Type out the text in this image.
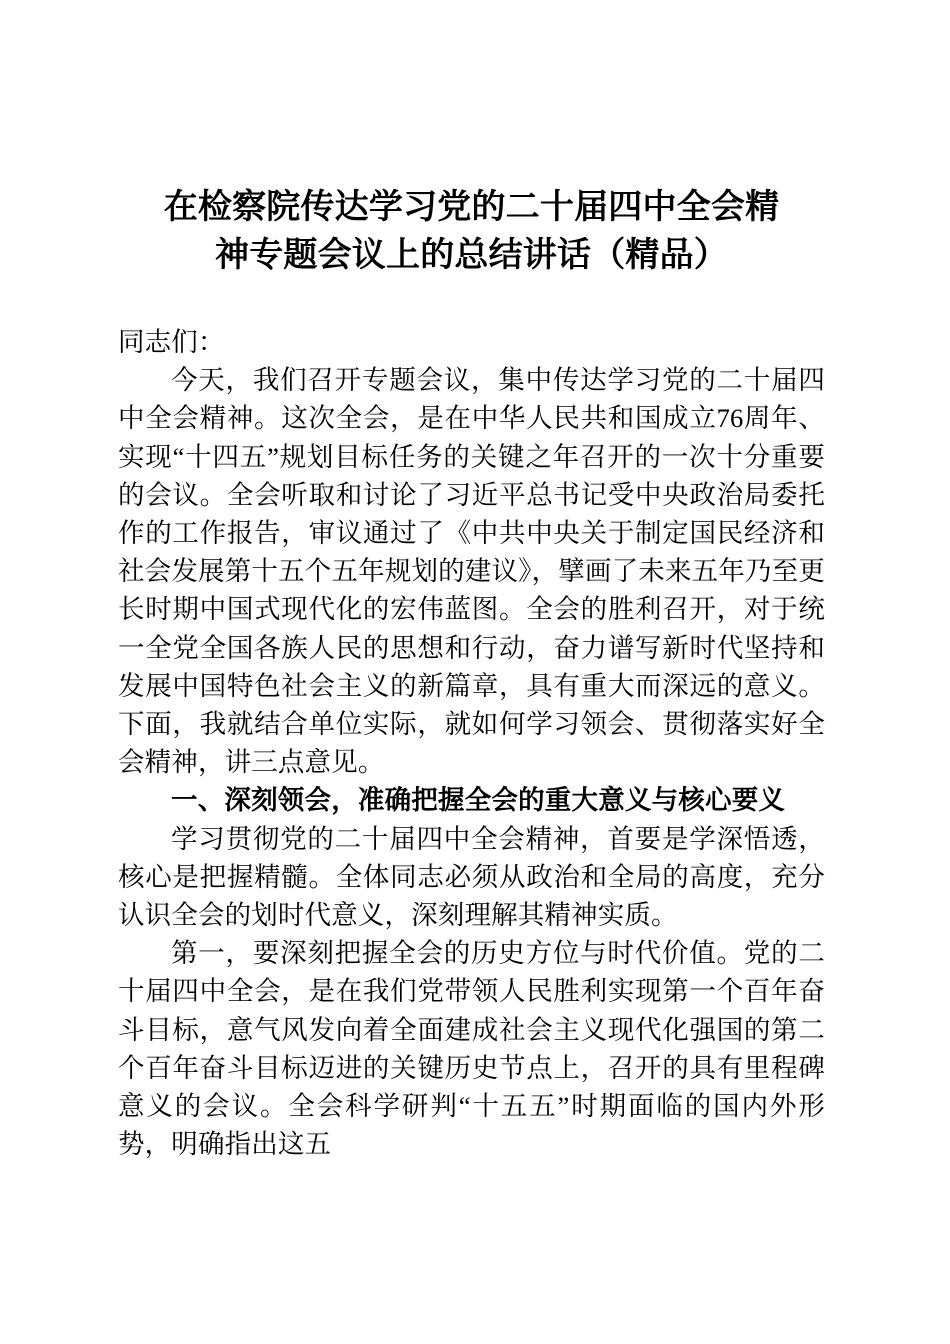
在检察院传达学习党的二十届四中全会精
神专题会议上的总结讲话（精品）

同志们：

今天，我们召开专题会议，集中传达学习党的二十届四中全会精神。这次全会，是在中华人民共和国成立76周年、实现“十四五”规划目标任务的关键之年召开的一次十分重要的会议。全会听取和讨论了习近平总书记受中央政治局委托作的工作报告，审议通过了《中共中央关于制定国民经济和社会发展第十五个五年规划的建议》，擘画了未来五年乃至更长时期中国式现代化的宏伟蓝图。全会的胜利召开，对于统一全党全国各族人民的思想和行动，奋力谱写新时代坚持和发展中国特色社会主义的新篇章，具有重大而深远的意义。下面，我就结合单位实际，就如何学习领会、贯彻落实好全会精神，讲三点意见。

一、深刻领会，准确把握全会的重大意义与核心要义

学习贯彻党的二十届四中全会精神，首要是学深悟透，核心是把握精髓。全体同志必须从政治和全局的高度，充分认识全会的划时代意义，深刻理解其精神实质。

第一，要深刻把握全会的历史方位与时代价值。党的二十届四中全会，是在我们党带领人民胜利实现第一个百年奋斗目标，意气风发向着全面建成社会主义现代化强国的第二个百年奋斗目标迈进的关键历史节点上，召开的具有里程碑意义的会议。全会科学研判“十五五”时期面临的国内外形势，明确指出这五
